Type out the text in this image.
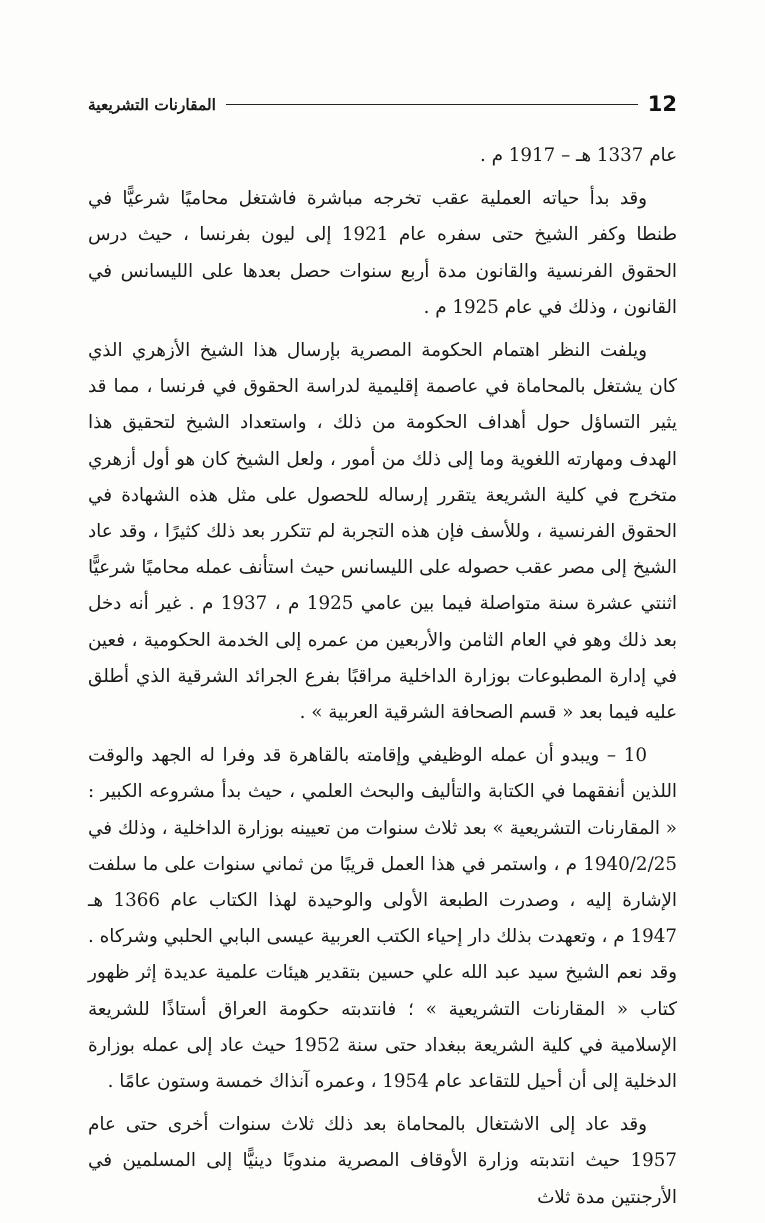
12
المقارنات التشريعية

عام 1337 هـ – 1917 م .

وقد بدأ حياته العملية عقب تخرجه مباشرة فاشتغل محاميًا شرعيًّا في طنطا وكفر الشيخ حتى سفره عام 1921 إلى ليون بفرنسا ، حيث درس الحقوق الفرنسية والقانون مدة أربع سنوات حصل بعدها على الليسانس في القانون ، وذلك في عام 1925 م .

ويلفت النظر اهتمام الحكومة المصرية بإرسال هذا الشيخ الأزهري الذي كان يشتغل بالمحاماة في عاصمة إقليمية لدراسة الحقوق في فرنسا ، مما قد يثير التساؤل حول أهداف الحكومة من ذلك ، واستعداد الشيخ لتحقيق هذا الهدف ومهارته اللغوية وما إلى ذلك من أمور ، ولعل الشيخ كان هو أول أزهري متخرج في كلية الشريعة يتقرر إرساله للحصول على مثل هذه الشهادة في الحقوق الفرنسية ، وللأسف فإن هذه التجربة لم تتكرر بعد ذلك كثيرًا ، وقد عاد الشيخ إلى مصر عقب حصوله على الليسانس حيث استأنف عمله محاميًا شرعيًّا اثنتي عشرة سنة متواصلة فيما بين عامي 1925 م ، 1937 م . غير أنه دخل بعد ذلك وهو في العام الثامن والأربعين من عمره إلى الخدمة الحكومية ، فعين في إدارة المطبوعات بوزارة الداخلية مراقبًا بفرع الجرائد الشرقية الذي أطلق عليه فيما بعد « قسم الصحافة الشرقية العربية » .

10 – ويبدو أن عمله الوظيفي وإقامته بالقاهرة قد وفرا له الجهد والوقت اللذين أنفقهما في الكتابة والتأليف والبحث العلمي ، حيث بدأ مشروعه الكبير : « المقارنات التشريعية » بعد ثلاث سنوات من تعيينه بوزارة الداخلية ، وذلك في 1940/2/25 م ، واستمر في هذا العمل قريبًا من ثماني سنوات على ما سلفت الإشارة إليه ، وصدرت الطبعة الأولى والوحيدة لهذا الكتاب عام 1366 هـ 1947 م ، وتعهدت بذلك دار إحياء الكتب العربية عيسى البابي الحلبي وشركاه . وقد نعم الشيخ سيد عبد الله علي حسين بتقدير هيئات علمية عديدة إثر ظهور كتاب « المقارنات التشريعية » ؛ فانتدبته حكومة العراق أستاذًا للشريعة الإسلامية في كلية الشريعة ببغداد حتى سنة 1952 حيث عاد إلى عمله بوزارة الدخلية إلى أن أحيل للتقاعد عام 1954 ، وعمره آنذاك خمسة وستون عامًا .

وقد عاد إلى الاشتغال بالمحاماة بعد ذلك ثلاث سنوات أخرى حتى عام 1957 حيث انتدبته وزارة الأوقاف المصرية مندوبًا دينيًّا إلى المسلمين في الأرجنتين مدة ثلاث
